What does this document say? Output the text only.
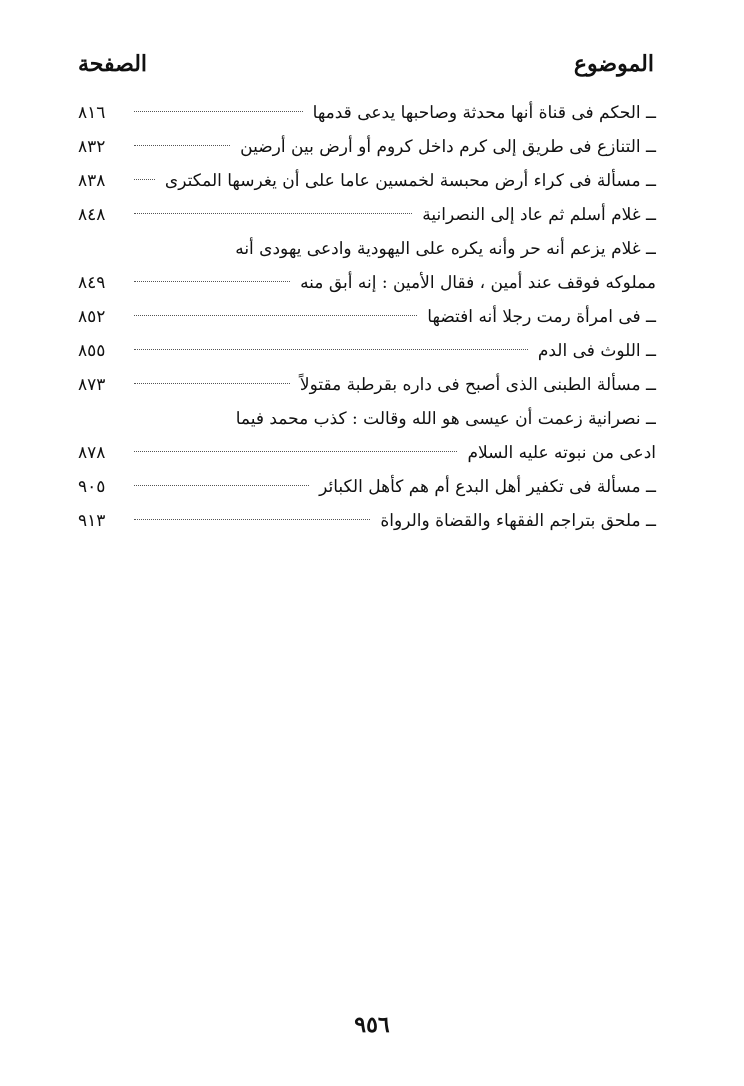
الموضوع
الصفحة
ــ الحكم فى قناة أنها محدثة وصاحبها يدعى قدمها
٨١٦
ــ التنازع فى طريق إلى كرم داخل كروم أو أرض بين أرضين
٨٣٢
ــ مسألة فى كراء أرض محبسة لخمسين عاما على أن يغرسها المكترى
٨٣٨
ــ غلام أسلم ثم عاد إلى النصرانية
٨٤٨
ــ غلام يزعم أنه حر وأنه يكره على اليهودية وادعى يهودى أنه
مملوكه فوقف عند أمين ، فقال الأمين : إنه أبق منه
٨٤٩
ــ فى امرأة رمت رجلا أنه افتضها
٨٥٢
ــ اللوث فى الدم
٨٥٥
ــ مسألة الطبنى الذى أصبح فى داره بقرطبة مقتولاً
٨٧٣
ــ نصرانية زعمت أن عيسى هو الله وقالت : كذب محمد فيما
ادعى من نبوته عليه السلام
٨٧٨
ــ مسألة فى تكفير أهل البدع أم هم كأهل الكبائر
٩٠٥
ــ ملحق بتراجم الفقهاء والقضاة والرواة
٩١٣
٩٥٦
